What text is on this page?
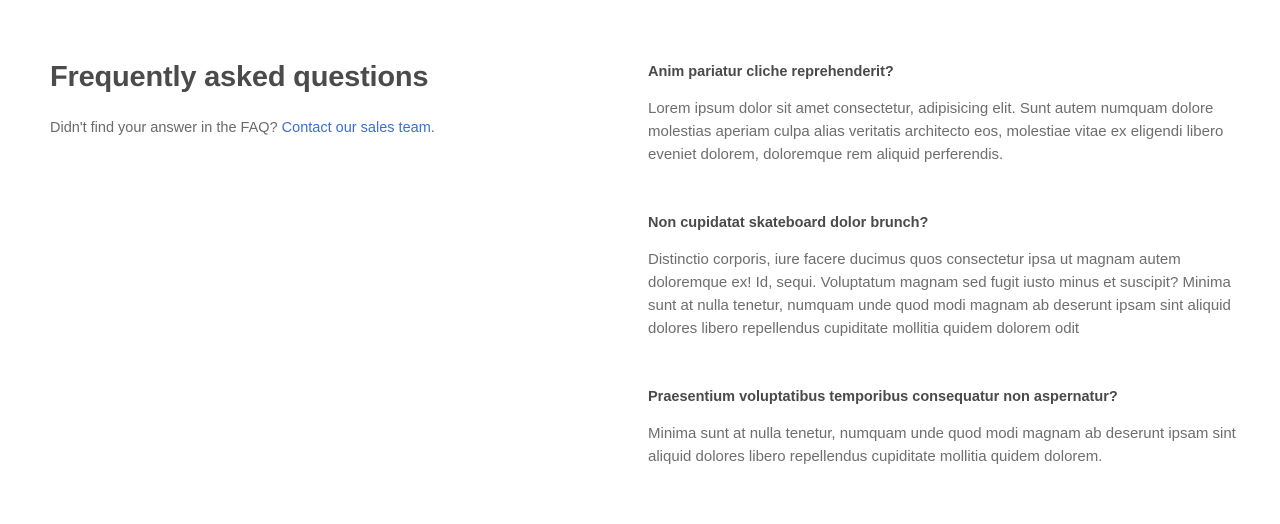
Frequently asked questions

Didn't find your answer in the FAQ? Contact our sales team.

Anim pariatur cliche reprehenderit?

Lorem ipsum dolor sit amet consectetur, adipisicing elit. Sunt autem numquam dolore molestias aperiam culpa alias veritatis architecto eos, molestiae vitae ex eligendi libero eveniet dolorem, doloremque rem aliquid perferendis.

Non cupidatat skateboard dolor brunch?

Distinctio corporis, iure facere ducimus quos consectetur ipsa ut magnam autem doloremque ex! Id, sequi. Voluptatum magnam sed fugit iusto minus et suscipit? Minima sunt at nulla tenetur, numquam unde quod modi magnam ab deserunt ipsam sint aliquid dolores libero repellendus cupiditate mollitia quidem dolorem odit

Praesentium voluptatibus temporibus consequatur non aspernatur?

Minima sunt at nulla tenetur, numquam unde quod modi magnam ab deserunt ipsam sint aliquid dolores libero repellendus cupiditate mollitia quidem dolorem.
